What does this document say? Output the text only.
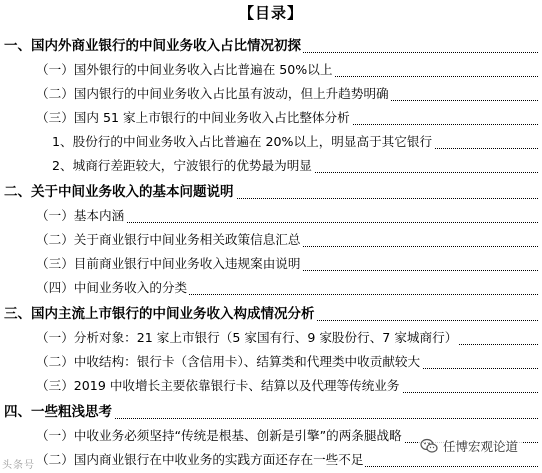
【目录】
一、国内外商业银行的中间业务收入占比情况初探
（一）国外银行的中间业务收入占比普遍在 50%以上
（二）国内银行的中间业务收入占比虽有波动，但上升趋势明确
（三）国内 51 家上市银行的中间业务收入占比整体分析
1、股份行的中间业务收入占比普遍在 20%以上，明显高于其它银行
2、城商行差距较大，宁波银行的优势最为明显
二、关于中间业务收入的基本问题说明
（一）基本内涵
（二）关于商业银行中间业务相关政策信息汇总
（三）目前商业银行中间业务收入违规案由说明
（四）中间业务收入的分类
三、国内主流上市银行的中间业务收入构成情况分析
（一）分析对象：21 家上市银行（5 家国有行、9 家股份行、7 家城商行）
（二）中收结构：银行卡（含信用卡）、结算类和代理类中收贡献较大
（三）2019 中收增长主要依靠银行卡、结算以及代理等传统业务
四、一些粗浅思考
（一）中收业务必须坚持“传统是根基、创新是引擎”的两条腿战略
（二）国内商业银行在中收业务的实践方面还存在一些不足
头条号
任博宏观论道
